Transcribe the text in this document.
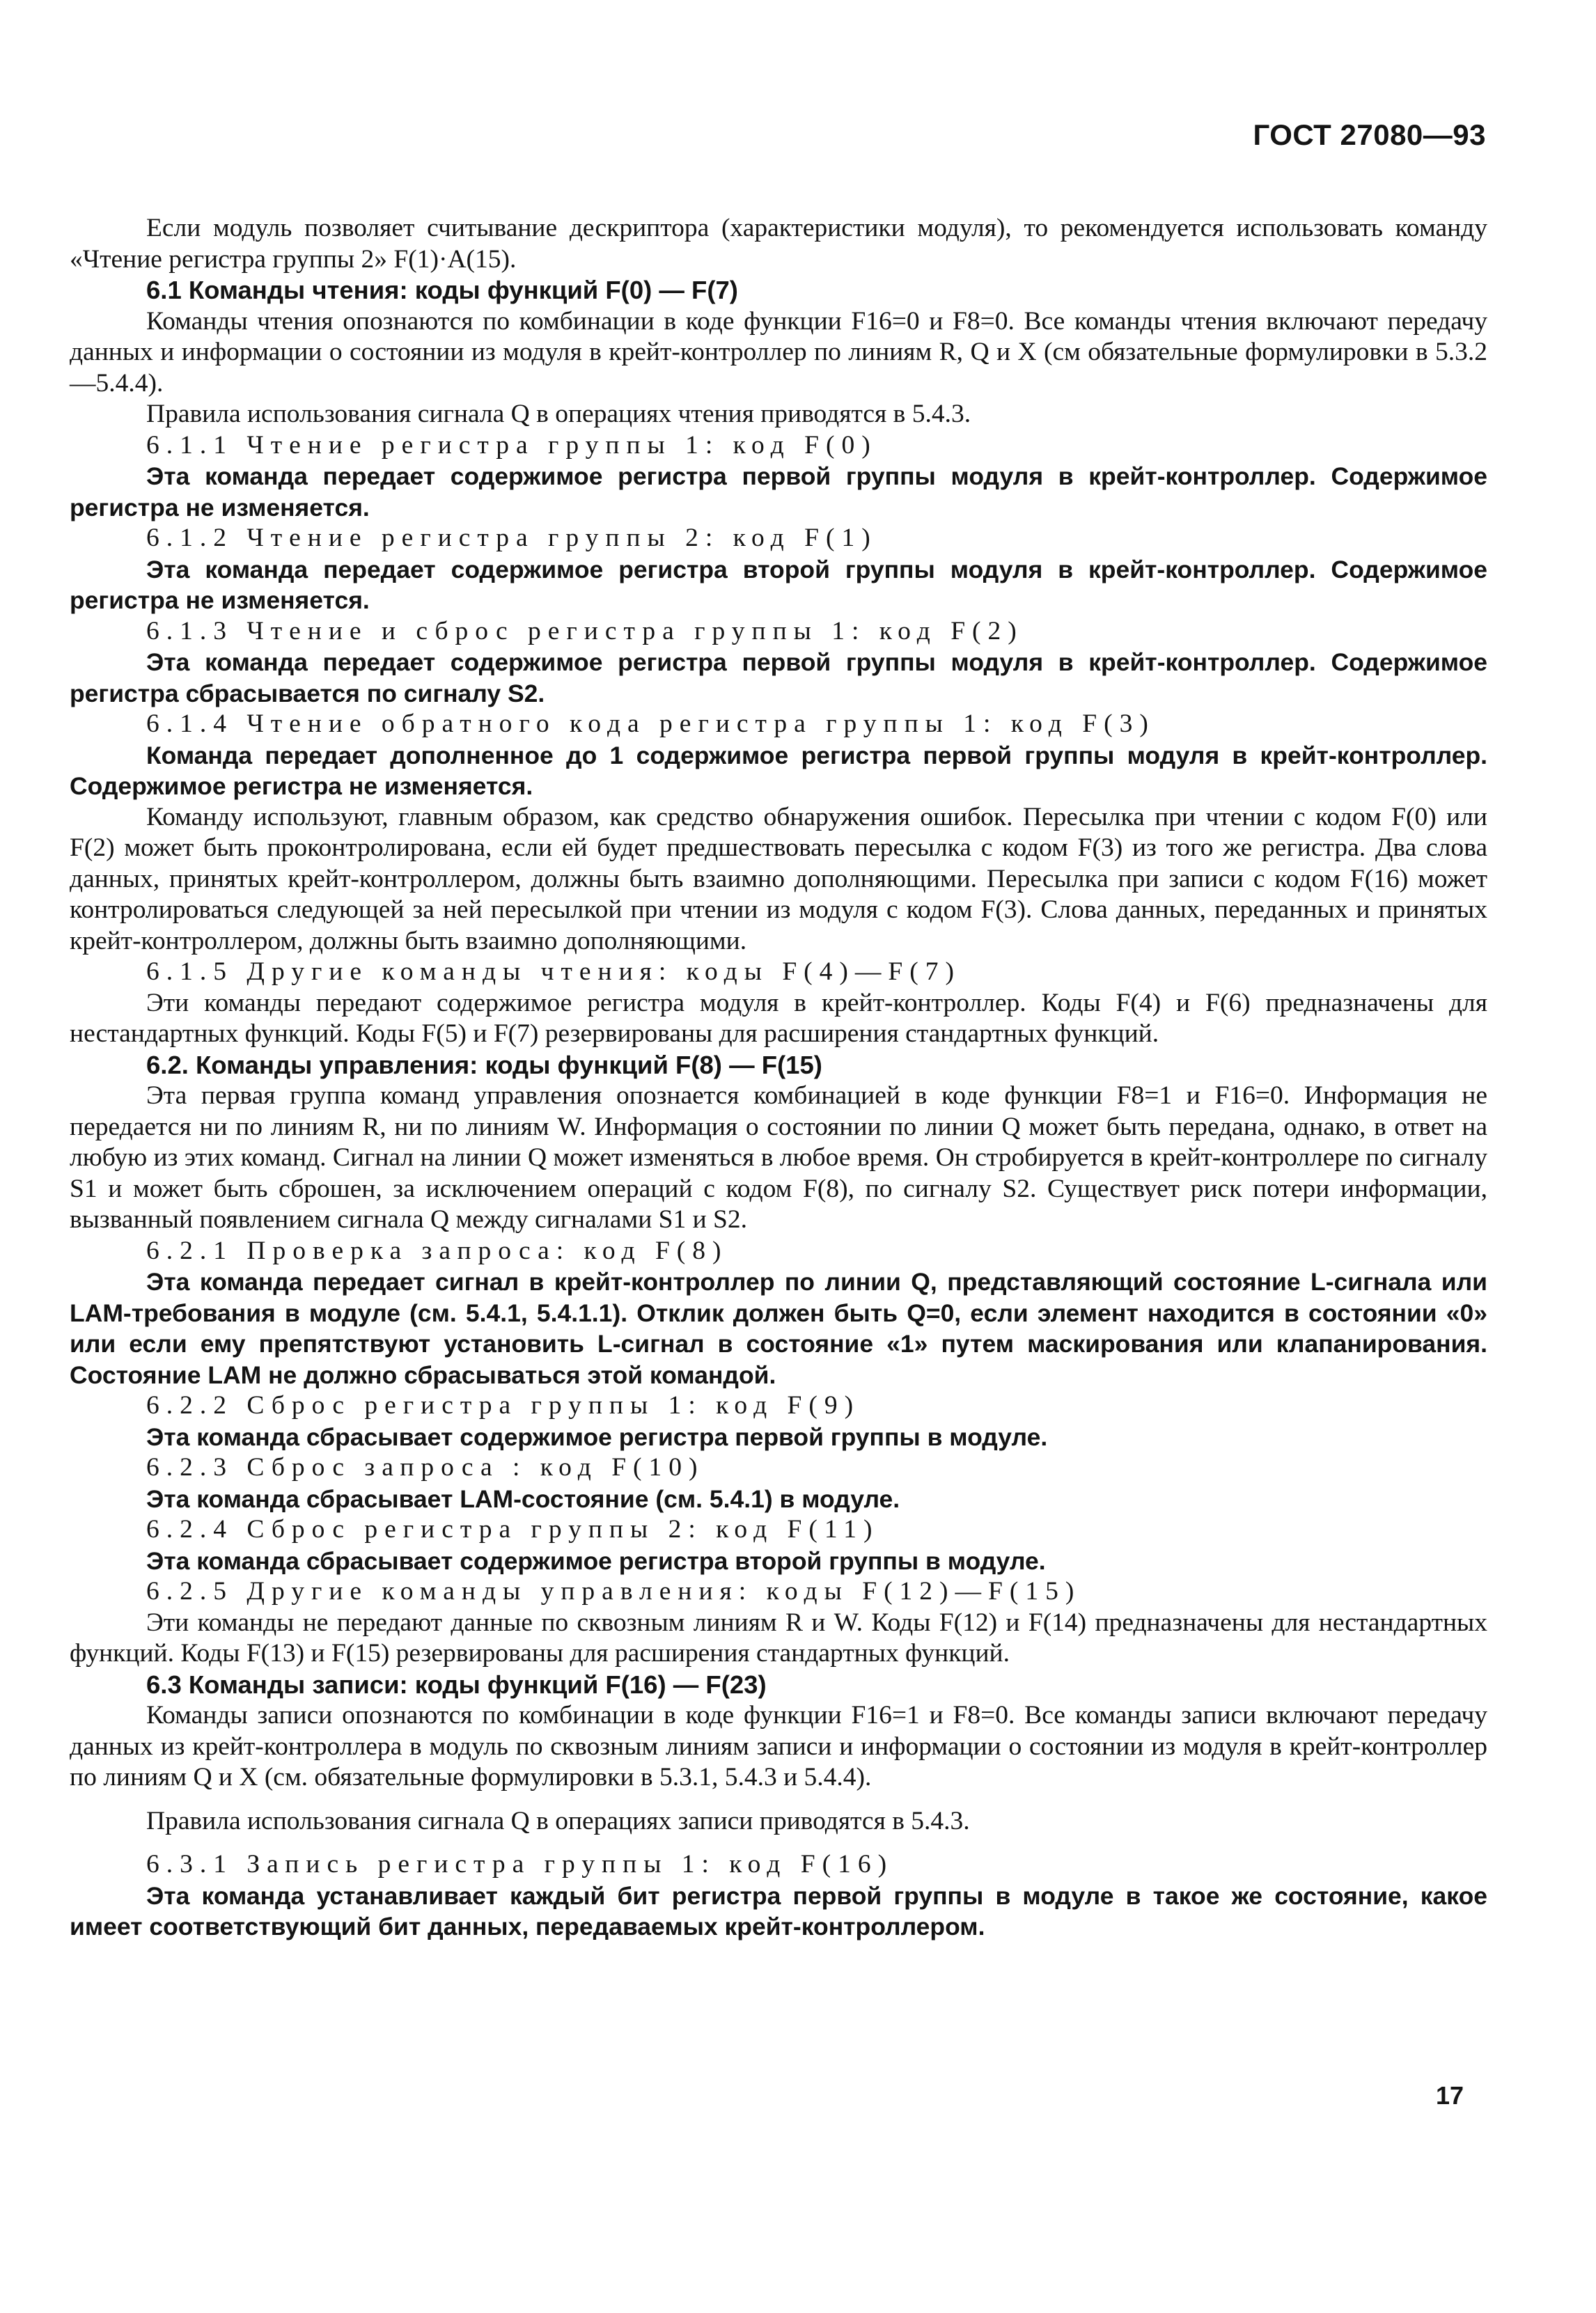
ГОСТ 27080—93

Если модуль позволяет считывание дескриптора (характеристики модуля), то рекомендуется использовать команду «Чтение регистра группы 2» F(1)·A(15).

6.1 Команды чтения: коды функций F(0) — F(7)

Команды чтения опознаются по комбинации в коде функции F16=0 и F8=0. Все команды чтения включают передачу данных и информации о состоянии из модуля в крейт-контроллер по линиям R, Q и X (см обязательные формулировки в 5.3.2—5.4.4).

Правила использования сигнала Q в операциях чтения приводятся в 5.4.3.

6.1.1 Чтение регистра группы 1: код F(0)

Эта команда передает содержимое регистра первой группы модуля в крейт-контроллер. Содержимое регистра не изменяется.

6.1.2 Чтение регистра группы 2: код F(1)

Эта команда передает содержимое регистра второй группы модуля в крейт-контроллер. Содержимое регистра не изменяется.

6.1.3 Чтение и сброс регистра группы 1: код F(2)

Эта команда передает содержимое регистра первой группы модуля в крейт-контроллер. Содержимое регистра сбрасывается по сигналу S2.

6.1.4 Чтение обратного кода регистра группы 1: код F(3)

Команда передает дополненное до 1 содержимое регистра первой группы модуля в крейт-контроллер. Содержимое регистра не изменяется.

Команду используют, главным образом, как средство обнаружения ошибок. Пересылка при чтении с кодом F(0) или F(2) может быть проконтролирована, если ей будет предшествовать пересылка с кодом F(3) из того же регистра. Два слова данных, принятых крейт-контроллером, должны быть взаимно дополняющими. Пересылка при записи с кодом F(16) может контролироваться следующей за ней пересылкой при чтении из модуля с кодом F(3). Слова данных, переданных и принятых крейт-контроллером, должны быть взаимно дополняющими.

6.1.5 Другие команды чтения: коды F(4)—F(7)

Эти команды передают содержимое регистра модуля в крейт-контроллер. Коды F(4) и F(6) предназначены для нестандартных функций. Коды F(5) и F(7) резервированы для расширения стандартных функций.

6.2. Команды управления: коды функций F(8) — F(15)

Эта первая группа команд управления опознается комбинацией в коде функции F8=1 и F16=0. Информация не передается ни по линиям R, ни по линиям W. Информация о состоянии по линии Q может быть передана, однако, в ответ на любую из этих команд. Сигнал на линии Q может изменяться в любое время. Он стробируется в крейт-контроллере по сигналу S1 и может быть сброшен, за исключением операций с кодом F(8), по сигналу S2. Существует риск потери информации, вызванный появлением сигнала Q между сигналами S1 и S2.

6.2.1 Проверка запроса: код F(8)

Эта команда передает сигнал в крейт-контроллер по линии Q, представляющий состояние L-сигнала или LAM-требования в модуле (см. 5.4.1, 5.4.1.1). Отклик должен быть Q=0, если элемент находится в состоянии «0» или если ему препятствуют установить L-сигнал в состояние «1» путем маскирования или клапанирования. Состояние LAM не должно сбрасываться этой командой.

6.2.2 Сброс регистра группы 1: код F(9)

Эта команда сбрасывает содержимое регистра первой группы в модуле.

6.2.3 Сброс запроса : код F(10)

Эта команда сбрасывает LAM-состояние (см. 5.4.1) в модуле.

6.2.4 Сброс регистра группы 2: код F(11)

Эта команда сбрасывает содержимое регистра второй группы в модуле.

6.2.5 Другие команды управления: коды F(12)—F(15)

Эти команды не передают данные по сквозным линиям R и W. Коды F(12) и F(14) предназначены для нестандартных функций. Коды F(13) и F(15) резервированы для расширения стандартных функций.

6.3 Команды записи: коды функций F(16) — F(23)

Команды записи опознаются по комбинации в коде функции F16=1 и F8=0. Все команды записи включают передачу данных из крейт-контроллера в модуль по сквозным линиям записи и информации о состоянии из модуля в крейт-контроллер по линиям Q и X (см. обязательные формулировки в 5.3.1, 5.4.3 и 5.4.4).

Правила использования сигнала Q в операциях записи приводятся в 5.4.3.

6.3.1 Запись регистра группы 1: код F(16)

Эта команда устанавливает каждый бит регистра первой группы в модуле в такое же состояние, какое имеет соответствующий бит данных, передаваемых крейт-контроллером.

17
